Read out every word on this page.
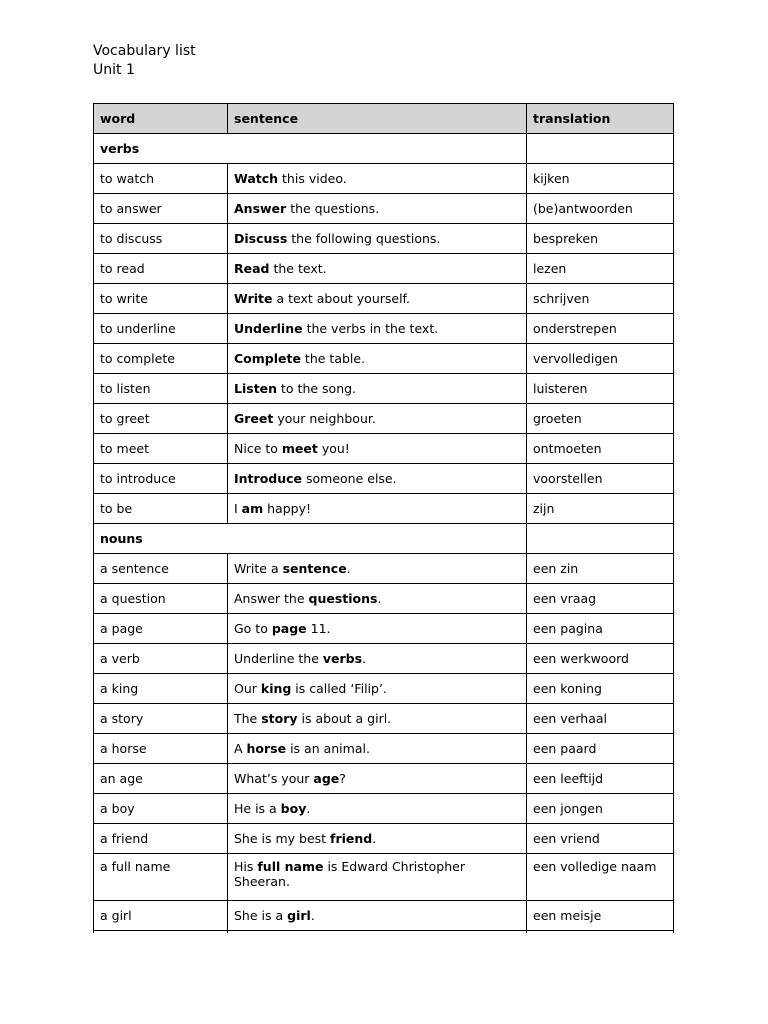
Vocabulary list
Unit 1
word	sentence	translation
verbs		
to watch	Watch this video.	kijken
to answer	Answer the questions.	(be)antwoorden
to discuss	Discuss the following questions.	bespreken
to read	Read the text.	lezen
to write	Write a text about yourself.	schrijven
to underline	Underline the verbs in the text.	onderstrepen
to complete	Complete the table.	vervolledigen
to listen	Listen to the song.	luisteren
to greet	Greet your neighbour.	groeten
to meet	Nice to meet you!	ontmoeten
to introduce	Introduce someone else.	voorstellen
to be	I am happy!	zijn
nouns		
a sentence	Write a sentence.	een zin
a question	Answer the questions.	een vraag
a page	Go to page 11.	een pagina
a verb	Underline the verbs.	een werkwoord
a king	Our king is called ‘Filip’.	een koning
a story	The story is about a girl.	een verhaal
a horse	A horse is an animal.	een paard
an age	What’s your age?	een leeftijd
a boy	He is a boy.	een jongen
a friend	She is my best friend.	een vriend
a full name	His full name is Edward Christopher Sheeran.	een volledige naam
a girl	She is a girl.	een meisje
